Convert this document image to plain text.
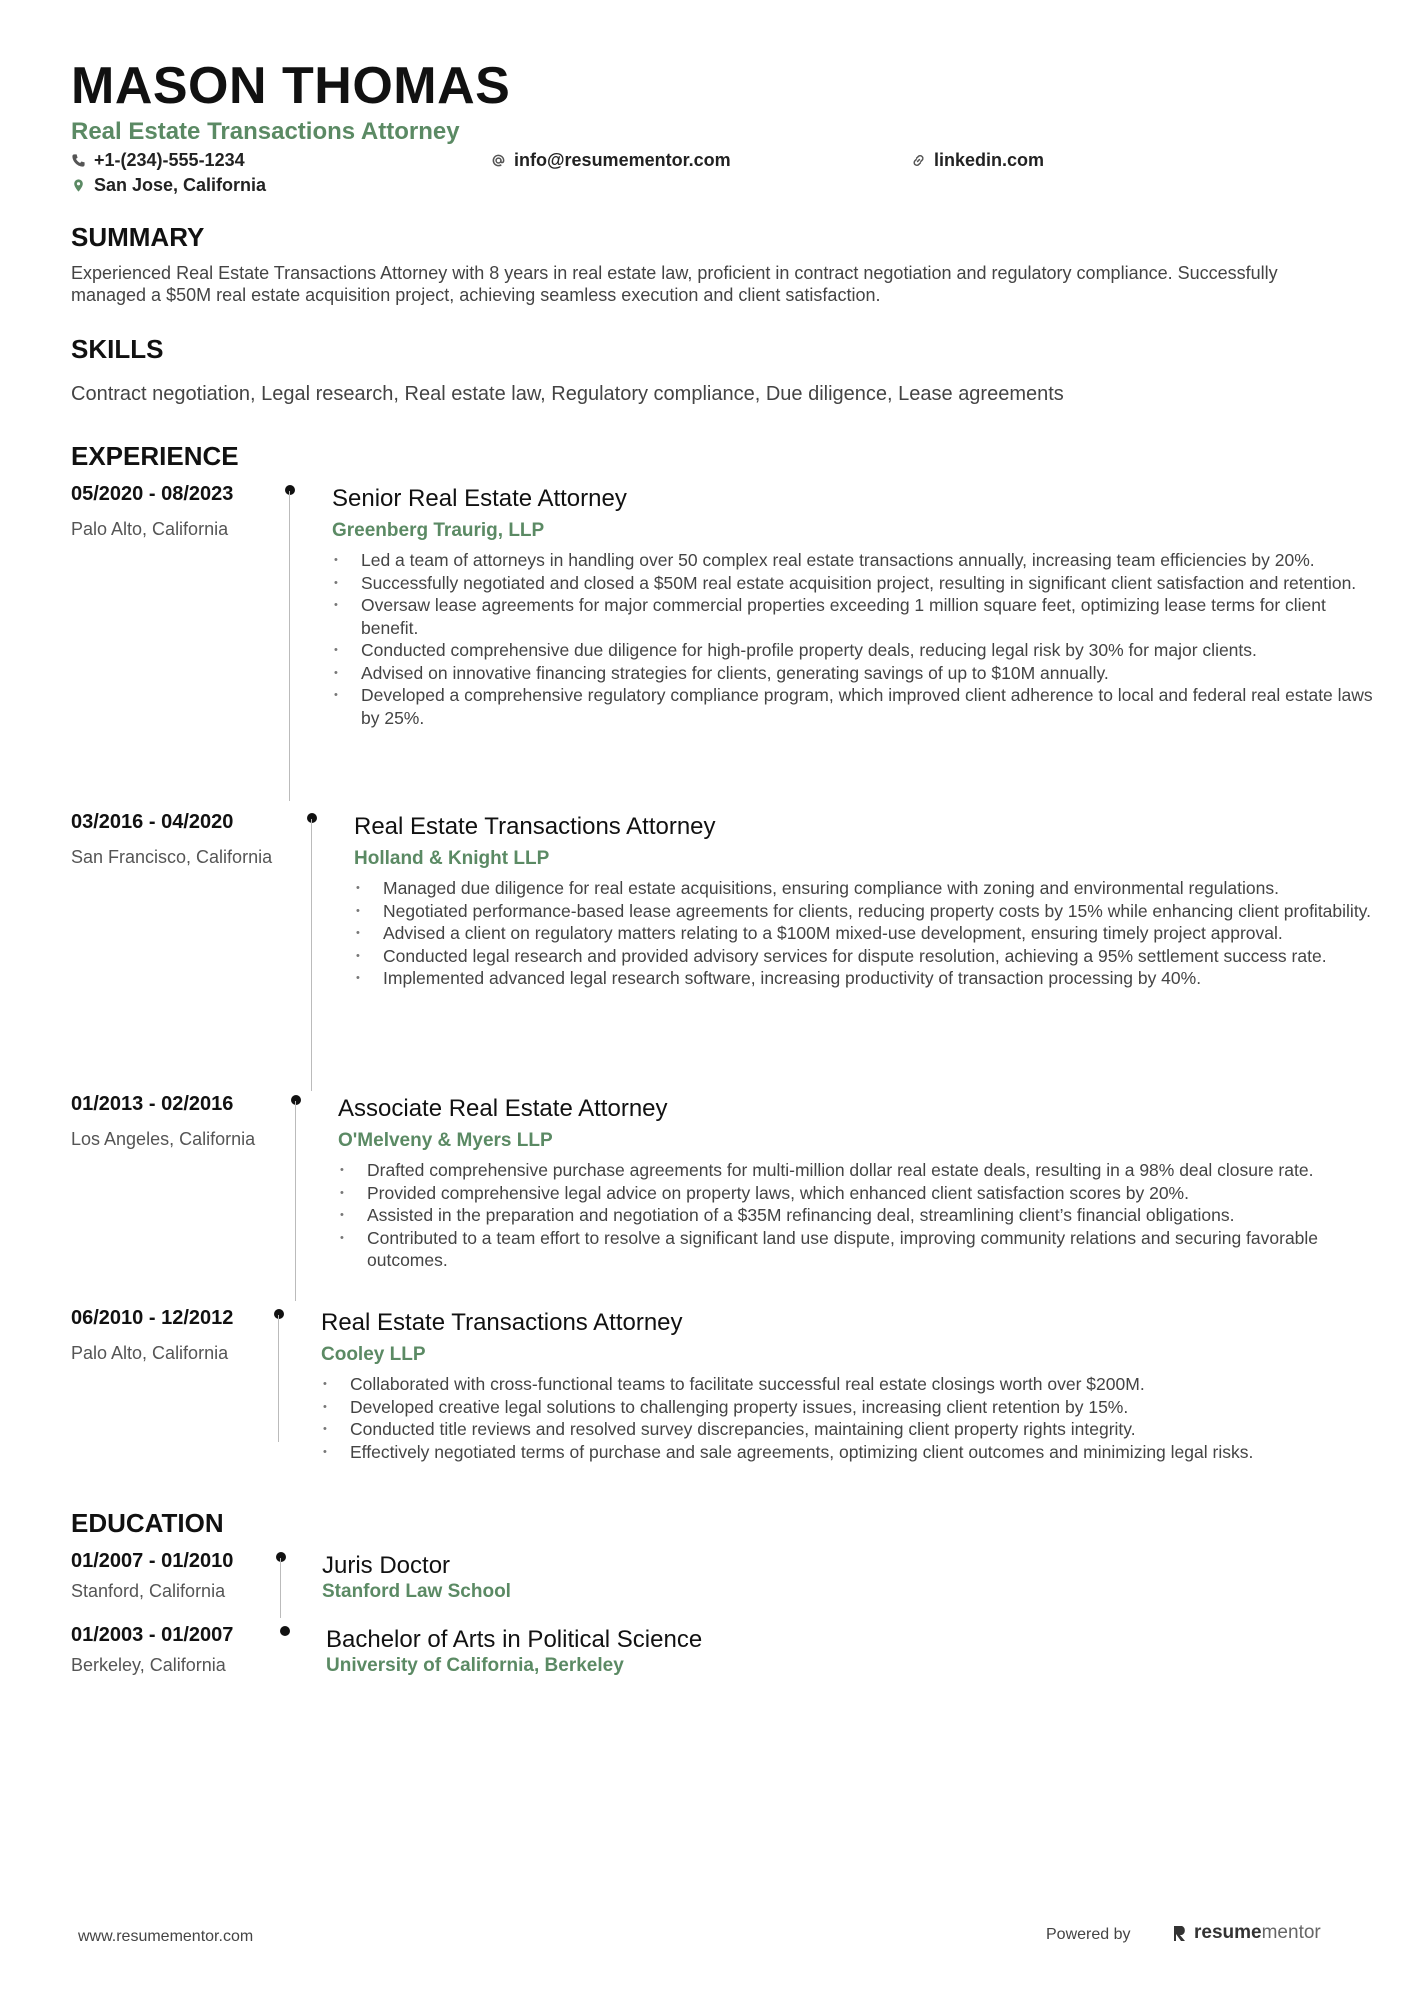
MASON THOMAS
Real Estate Transactions Attorney
+1-(234)-555-1234	info@resumementor.com	linkedin.com
San Jose, California
SUMMARY

Experienced Real Estate Transactions Attorney with 8 years in real estate law, proficient in contract negotiation and regulatory compliance. Successfully managed a $50M real estate acquisition project, achieving seamless execution and client satisfaction.

SKILLS
Contract negotiation, Legal research, Real estate law, Regulatory compliance, Due diligence, Lease agreements
EXPERIENCE
05/2020 - 08/2023
Palo Alto, California
Senior Real Estate Attorney
Greenberg Traurig, LLP
• Led a team of attorneys in handling over 50 complex real estate transactions annually, increasing team efficiencies by 20%.
• Successfully negotiated and closed a $50M real estate acquisition project, resulting in significant client satisfaction and retention.
• Oversaw lease agreements for major commercial properties exceeding 1 million square feet, optimizing lease terms for client benefit.
• Conducted comprehensive due diligence for high-profile property deals, reducing legal risk by 30% for major clients.
• Advised on innovative financing strategies for clients, generating savings of up to $10M annually.
• Developed a comprehensive regulatory compliance program, which improved client adherence to local and federal real estate laws by 25%.
03/2016 - 04/2020
San Francisco, California
Real Estate Transactions Attorney
Holland & Knight LLP
• Managed due diligence for real estate acquisitions, ensuring compliance with zoning and environmental regulations.
• Negotiated performance-based lease agreements for clients, reducing property costs by 15% while enhancing client profitability.
• Advised a client on regulatory matters relating to a $100M mixed-use development, ensuring timely project approval.
• Conducted legal research and provided advisory services for dispute resolution, achieving a 95% settlement success rate.
• Implemented advanced legal research software, increasing productivity of transaction processing by 40%.
01/2013 - 02/2016
Los Angeles, California
Associate Real Estate Attorney
O'Melveny & Myers LLP
• Drafted comprehensive purchase agreements for multi-million dollar real estate deals, resulting in a 98% deal closure rate.
• Provided comprehensive legal advice on property laws, which enhanced client satisfaction scores by 20%.
• Assisted in the preparation and negotiation of a $35M refinancing deal, streamlining client’s financial obligations.
• Contributed to a team effort to resolve a significant land use dispute, improving community relations and securing favorable outcomes.
06/2010 - 12/2012
Palo Alto, California
Real Estate Transactions Attorney
Cooley LLP
• Collaborated with cross-functional teams to facilitate successful real estate closings worth over $200M.
• Developed creative legal solutions to challenging property issues, increasing client retention by 15%.
• Conducted title reviews and resolved survey discrepancies, maintaining client property rights integrity.
• Effectively negotiated terms of purchase and sale agreements, optimizing client outcomes and minimizing legal risks.
EDUCATION
01/2007 - 01/2010
Stanford, California
Juris Doctor
Stanford Law School
01/2003 - 01/2007
Berkeley, California
Bachelor of Arts in Political Science
University of California, Berkeley
www.resumementor.com	Powered by	resumementor
